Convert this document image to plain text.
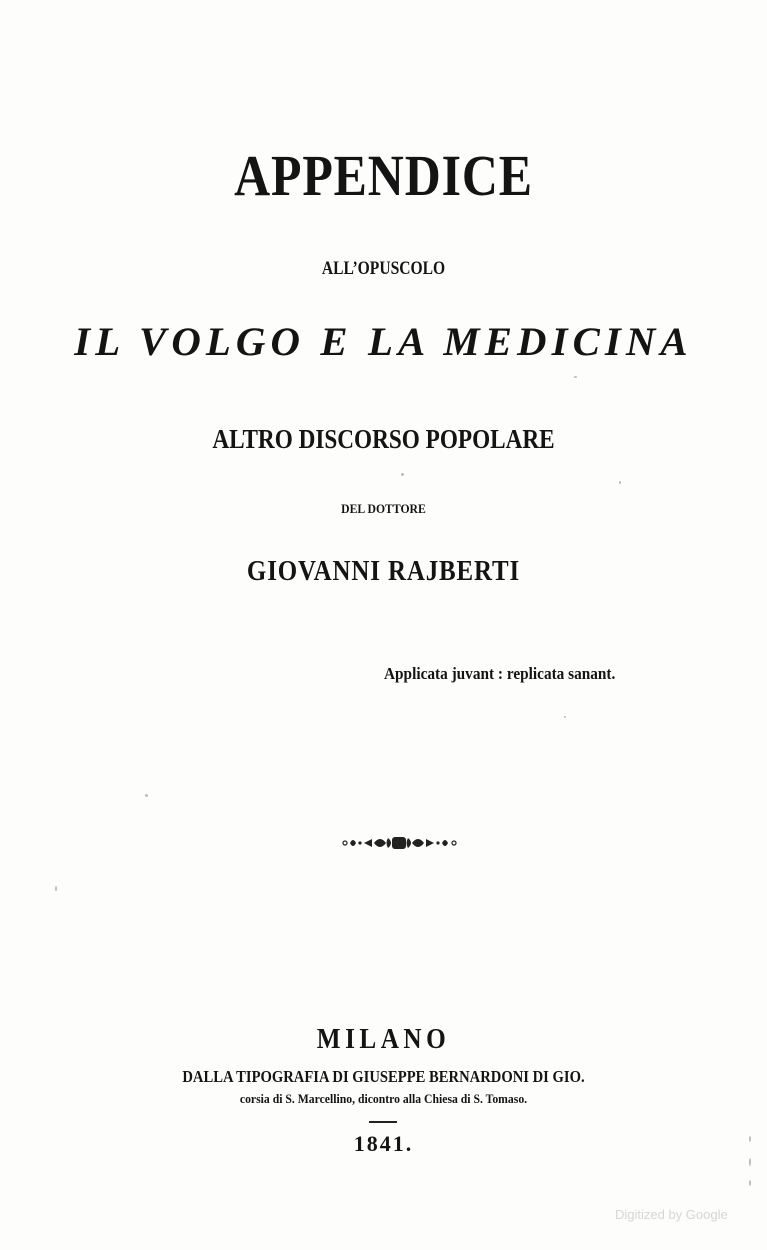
APPENDICE
ALL’OPUSCOLO
IL VOLGO E LA MEDICINA
ALTRO DISCORSO POPOLARE
DEL DOTTORE
GIOVANNI RAJBERTI
Applicata juvant : replicata sanant.
MILANO
DALLA TIPOGRAFIA DI GIUSEPPE BERNARDONI DI GIO.
corsia di S. Marcellino, dicontro alla Chiesa di S. Tomaso.
1841.
Digitized by Google
